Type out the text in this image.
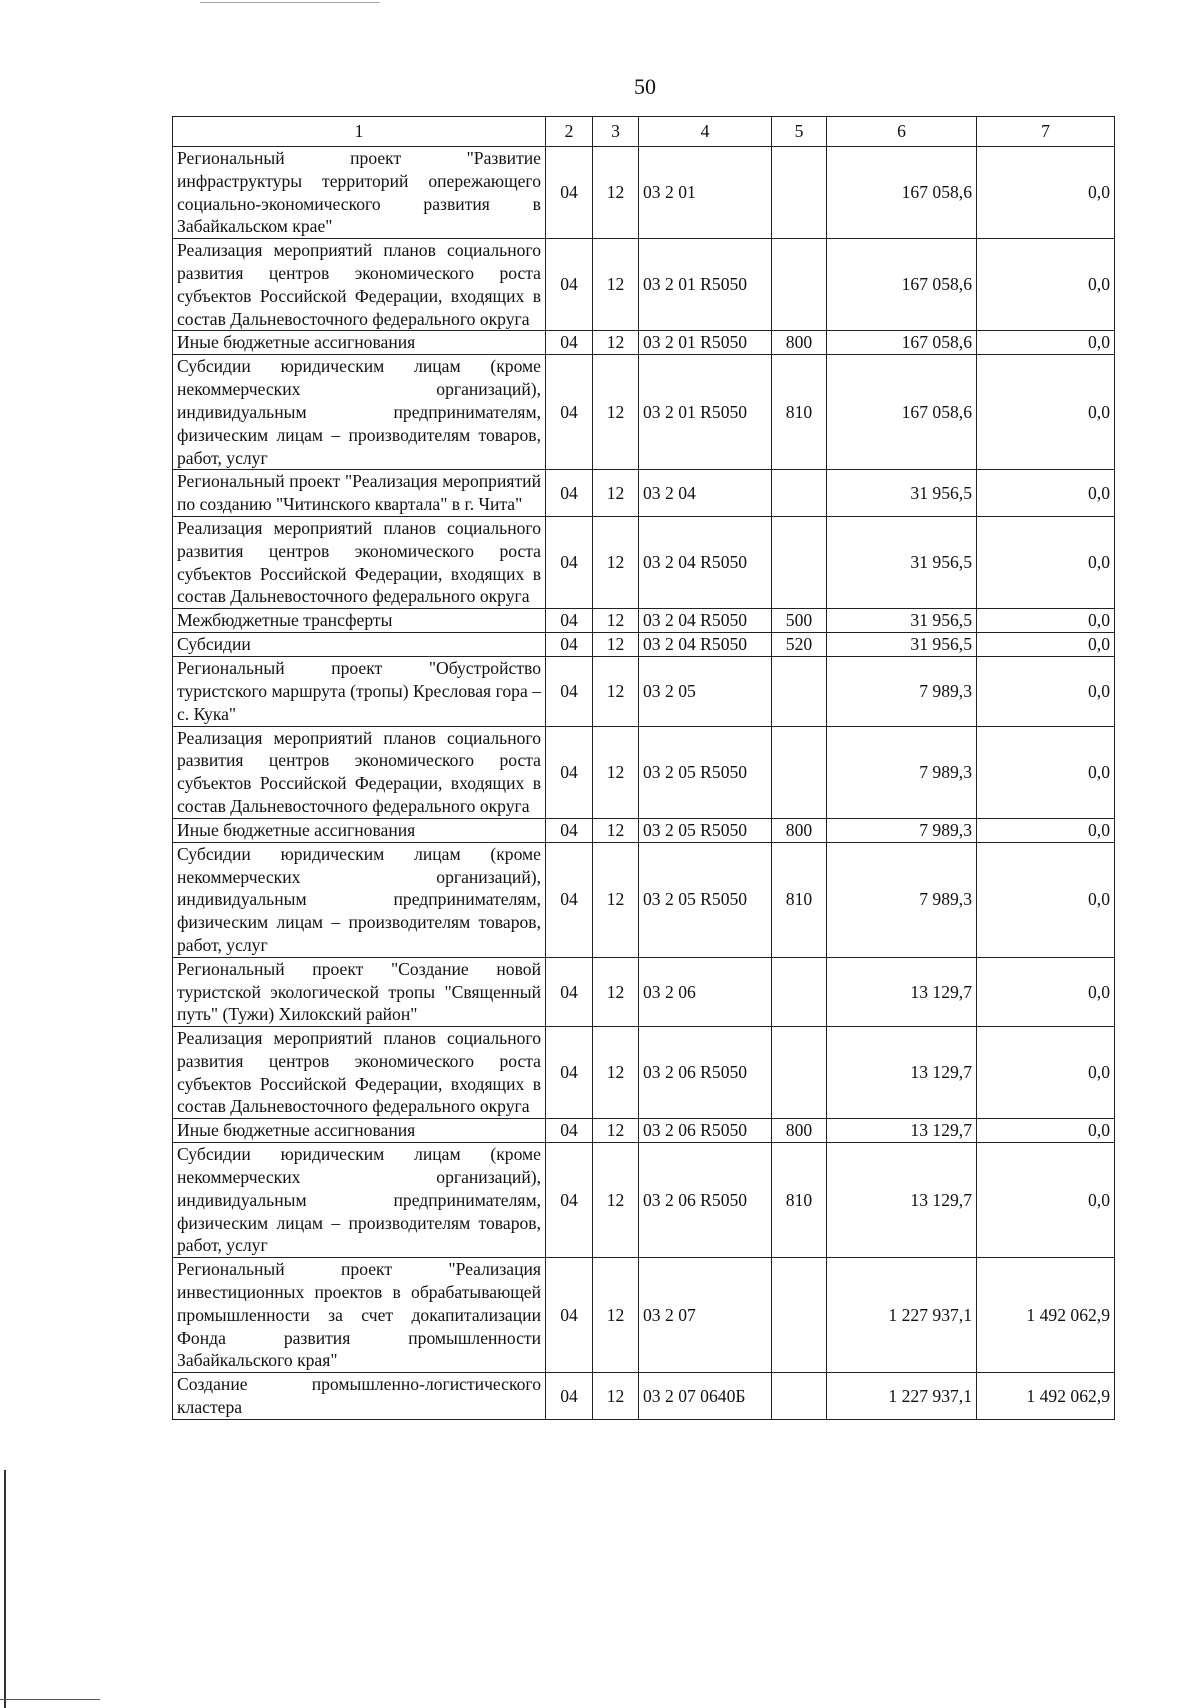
50
1	2	3	4	5	6	7
Региональный проект "Развитие инфраструктуры территорий опережающего социально-экономического развития в Забайкальском крае"	04	12	03 2 01		167 058,6	0,0
Реализация мероприятий планов социального развития центров экономического роста субъектов Российской Федерации, входящих в состав Дальневосточного федерального округа	04	12	03 2 01 R5050		167 058,6	0,0
Иные бюджетные ассигнования	04	12	03 2 01 R5050	800	167 058,6	0,0
Субсидии юридическим лицам (кроме некоммерческих организаций), индивидуальным предпринимателям, физическим лицам – производителям товаров, работ, услуг	04	12	03 2 01 R5050	810	167 058,6	0,0
Региональный проект "Реализация мероприятий по созданию "Читинского квартала" в г. Чита"	04	12	03 2 04		31 956,5	0,0
Реализация мероприятий планов социального развития центров экономического роста субъектов Российской Федерации, входящих в состав Дальневосточного федерального округа	04	12	03 2 04 R5050		31 956,5	0,0
Межбюджетные трансферты	04	12	03 2 04 R5050	500	31 956,5	0,0
Субсидии	04	12	03 2 04 R5050	520	31 956,5	0,0
Региональный проект "Обустройство туристского маршрута (тропы) Кресловая гора – с. Кука"	04	12	03 2 05		7 989,3	0,0
Реализация мероприятий планов социального развития центров экономического роста субъектов Российской Федерации, входящих в состав Дальневосточного федерального округа	04	12	03 2 05 R5050		7 989,3	0,0
Иные бюджетные ассигнования	04	12	03 2 05 R5050	800	7 989,3	0,0
Субсидии юридическим лицам (кроме некоммерческих организаций), индивидуальным предпринимателям, физическим лицам – производителям товаров, работ, услуг	04	12	03 2 05 R5050	810	7 989,3	0,0
Региональный проект "Создание новой туристской экологической тропы "Священный путь" (Тужи) Хилокский район"	04	12	03 2 06		13 129,7	0,0
Реализация мероприятий планов социального развития центров экономического роста субъектов Российской Федерации, входящих в состав Дальневосточного федерального округа	04	12	03 2 06 R5050		13 129,7	0,0
Иные бюджетные ассигнования	04	12	03 2 06 R5050	800	13 129,7	0,0
Субсидии юридическим лицам (кроме некоммерческих организаций), индивидуальным предпринимателям, физическим лицам – производителям товаров, работ, услуг	04	12	03 2 06 R5050	810	13 129,7	0,0
Региональный проект "Реализация инвестиционных проектов в обрабатывающей промышленности за счет докапитализации Фонда развития промышленности Забайкальского края"	04	12	03 2 07		1 227 937,1	1 492 062,9
Создание промышленно-логистического кластера	04	12	03 2 07 0640Б		1 227 937,1	1 492 062,9
